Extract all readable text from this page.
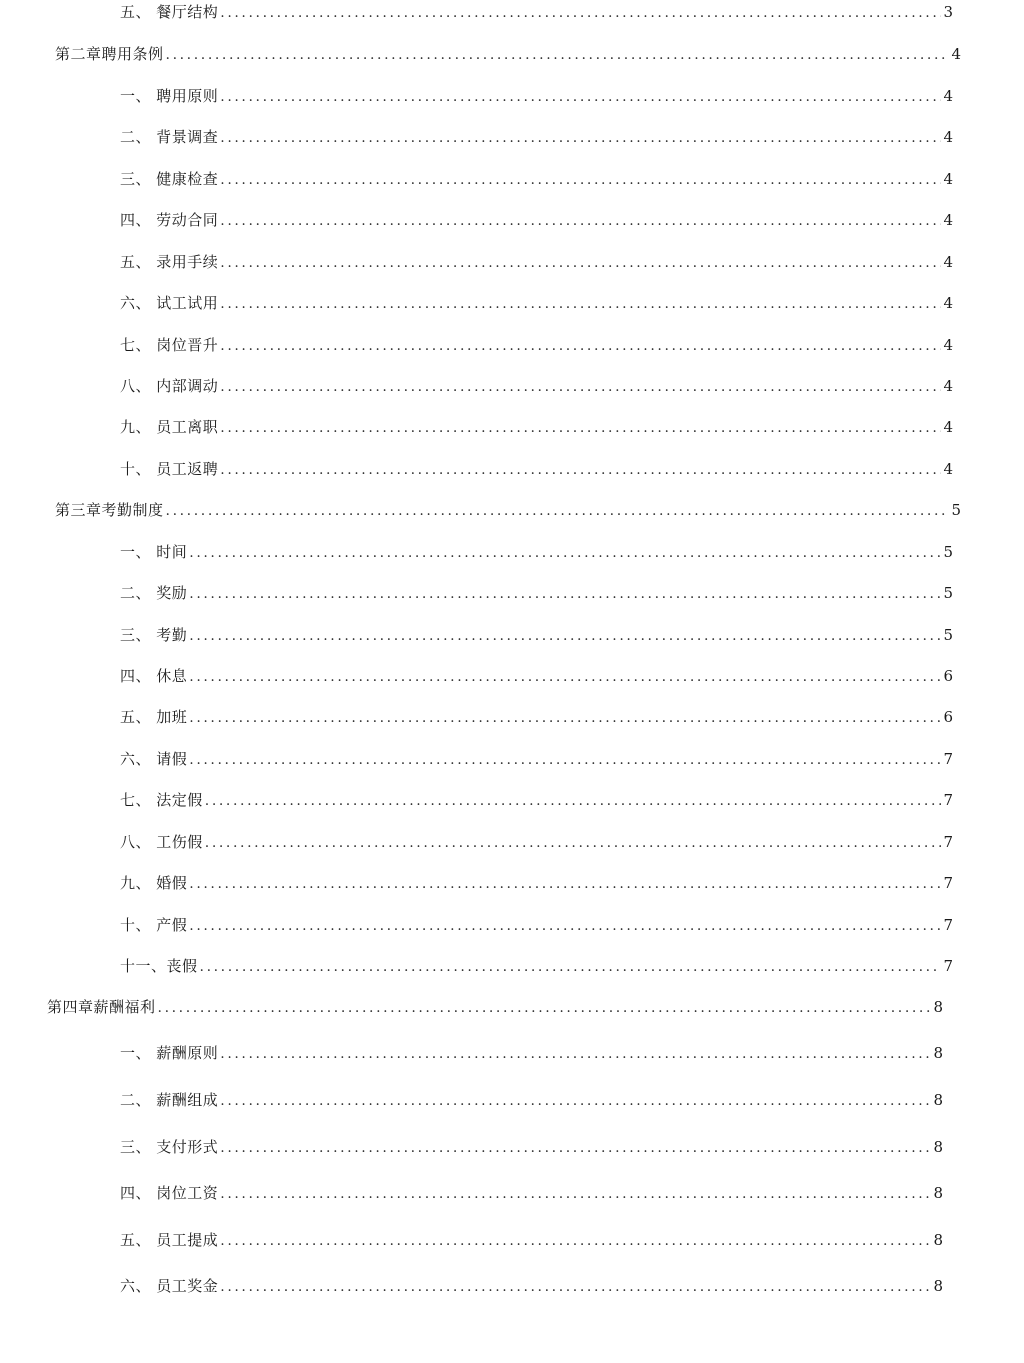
五、 餐厅结构 .....	3
第二章聘用条例 .....	4
一、 聘用原则 .....	4
二、 背景调查 .....	4
三、 健康检查 .....	4
四、 劳动合同 .....	4
五、 录用手续 .....	4
六、 试工试用 .....	4
七、 岗位晋升 .....	4
八、 内部调动 .....	4
九、 员工离职 .....	4
十、 员工返聘 .....	4
第三章考勤制度 .....	5
一、 时间 .....	5
二、 奖励 .....	5
三、 考勤 .....	5
四、 休息 .....	6
五、 加班 .....	6
六、 请假 .....	7
七、 法定假 .....	7
八、 工伤假 .....	7
九、 婚假 .....	7
十、 产假 .....	7
十一、丧假 .....	7
第四章薪酬福利 .....	8
一、 薪酬原则 .....	8
二、 薪酬组成 .....	8
三、 支付形式 .....	8
四、 岗位工资 .....	8
五、 员工提成 .....	8
六、 员工奖金 .....	8
